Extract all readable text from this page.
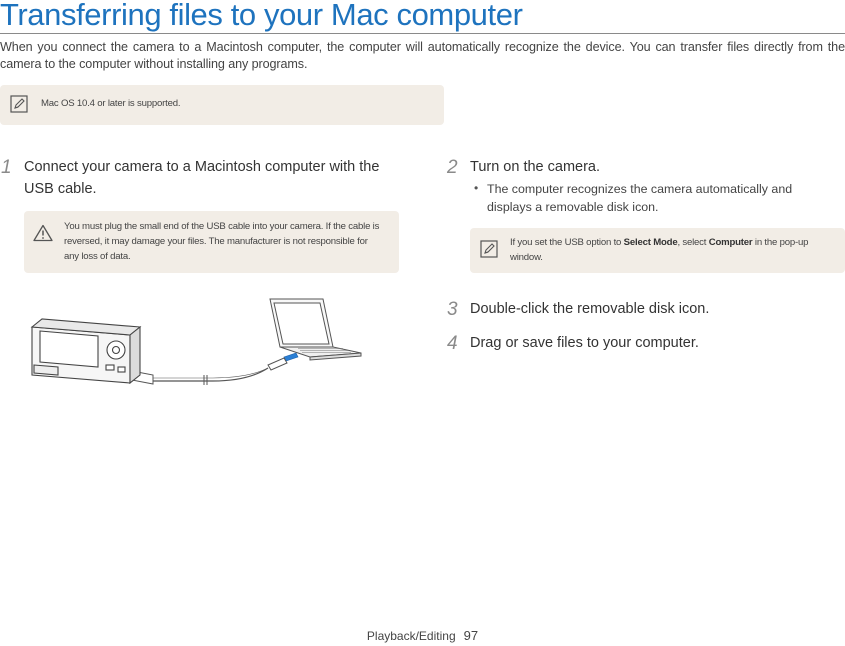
Transferring files to your Mac computer
When you connect the camera to a Macintosh computer, the computer will automatically recognize the device. You can transfer files directly from the camera to the computer without installing any programs.
Mac OS 10.4 or later is supported.
1 Connect your camera to a Macintosh computer with the USB cable.
You must plug the small end of the USB cable into your camera. If the cable is reversed, it may damage your files. The manufacturer is not responsible for any loss of data.
2 Turn on the camera.
• The computer recognizes the camera automatically and displays a removable disk icon.
If you set the USB option to Select Mode, select Computer in the pop-up window.
3 Double-click the removable disk icon.
4 Drag or save files to your computer.
Playback/Editing 97
